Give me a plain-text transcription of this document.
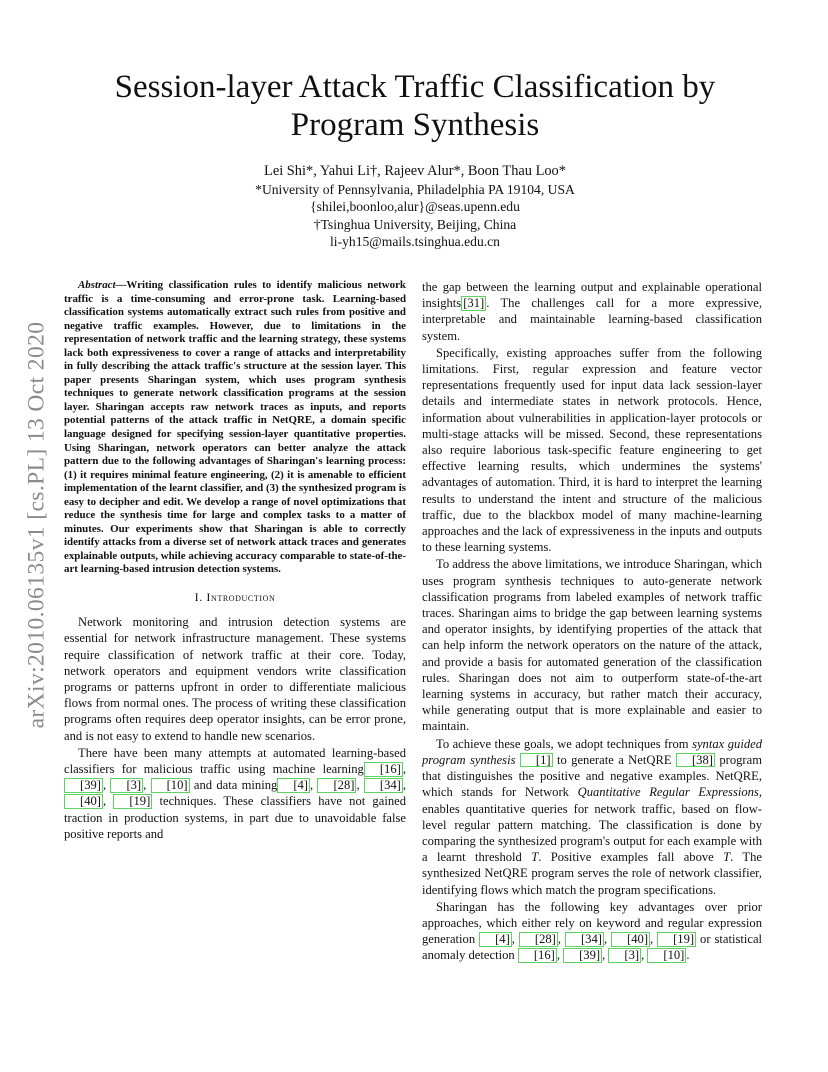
arXiv:2010.06135v1 [cs.PL] 13 Oct 2020
Session-layer Attack Traffic Classification by
Program Synthesis
Lei Shi*, Yahui Li†, Rajeev Alur*, Boon Thau Loo*
*University of Pennsylvania, Philadelphia PA 19104, USA
{shilei,boonloo,alur}@seas.upenn.edu
†Tsinghua University, Beijing, China
li-yh15@mails.tsinghua.edu.cn

Abstract—Writing classification rules to identify malicious network traffic is a time-consuming and error-prone task. Learning-based classification systems automatically extract such rules from positive and negative traffic examples. However, due to limitations in the representation of network traffic and the learning strategy, these systems lack both expressiveness to cover a range of attacks and interpretability in fully describing the attack traffic's structure at the session layer. This paper presents Sharingan system, which uses program synthesis techniques to generate network classification programs at the session layer. Sharingan accepts raw network traces as inputs, and reports potential patterns of the attack traffic in NetQRE, a domain specific language designed for specifying session-layer quantitative properties. Using Sharingan, network operators can better analyze the attack pattern due to the following advantages of Sharingan's learning process: (1) it requires minimal feature engineering, (2) it is amenable to efficient implementation of the learnt classifier, and (3) the synthesized program is easy to decipher and edit. We develop a range of novel optimizations that reduce the synthesis time for large and complex tasks to a matter of minutes. Our experiments show that Sharingan is able to correctly identify attacks from a diverse set of network attack traces and generates explainable outputs, while achieving accuracy comparable to state-of-the-art learning-based intrusion detection systems.

I. Introduction

Network monitoring and intrusion detection systems are essential for network infrastructure management. These systems require classification of network traffic at their core. Today, network operators and equipment vendors write classification programs or patterns upfront in order to differentiate malicious flows from normal ones. The process of writing these classification programs often requires deep operator insights, can be error prone, and is not easy to extend to handle new scenarios.

There have been many attempts at automated learning-based classifiers for malicious traffic using machine learning [16] , [39] , [3] , [10] and data mining [4] , [28] , [34] , [40] , [19] techniques. These classifiers have not gained traction in production systems, in part due to unavoidable false positive reports and

the gap between the learning output and explainable operational insights [31] . The challenges call for a more expressive, interpretable and maintainable learning-based classification system.

Specifically, existing approaches suffer from the following limitations. First, regular expression and feature vector representations frequently used for input data lack session-layer details and intermediate states in network protocols. Hence, information about vulnerabilities in application-layer protocols or multi-stage attacks will be missed. Second, these representations also require laborious task-specific feature engineering to get effective learning results, which undermines the systems' advantages of automation. Third, it is hard to interpret the learning results to understand the intent and structure of the malicious traffic, due to the blackbox model of many machine-learning approaches and the lack of expressiveness in the inputs and outputs to these learning systems.

To address the above limitations, we introduce Sharingan, which uses program synthesis techniques to auto-generate network classification programs from labeled examples of network traffic traces. Sharingan aims to bridge the gap between learning systems and operator insights, by identifying properties of the attack that can help inform the network operators on the nature of the attack, and provide a basis for automated generation of the classification rules. Sharingan does not aim to outperform state-of-the-art learning systems in accuracy, but rather match their accuracy, while generating output that is more explainable and easier to maintain.

To achieve these goals, we adopt techniques from syntax guided program synthesis [1] to generate a NetQRE [38] program that distinguishes the positive and negative examples. NetQRE, which stands for Network Quantitative Regular Expressions, enables quantitative queries for network traffic, based on flow-level regular pattern matching. The classification is done by comparing the synthesized program's output for each example with a learnt threshold T. Positive examples fall above T. The synthesized NetQRE program serves the role of network classifier, identifying flows which match the program specifications.

Sharingan has the following key advantages over prior approaches, which either rely on keyword and regular expression generation [4] , [28] , [34] , [40] , [19] or statistical anomaly detection [16] , [39] , [3] , [10] .
